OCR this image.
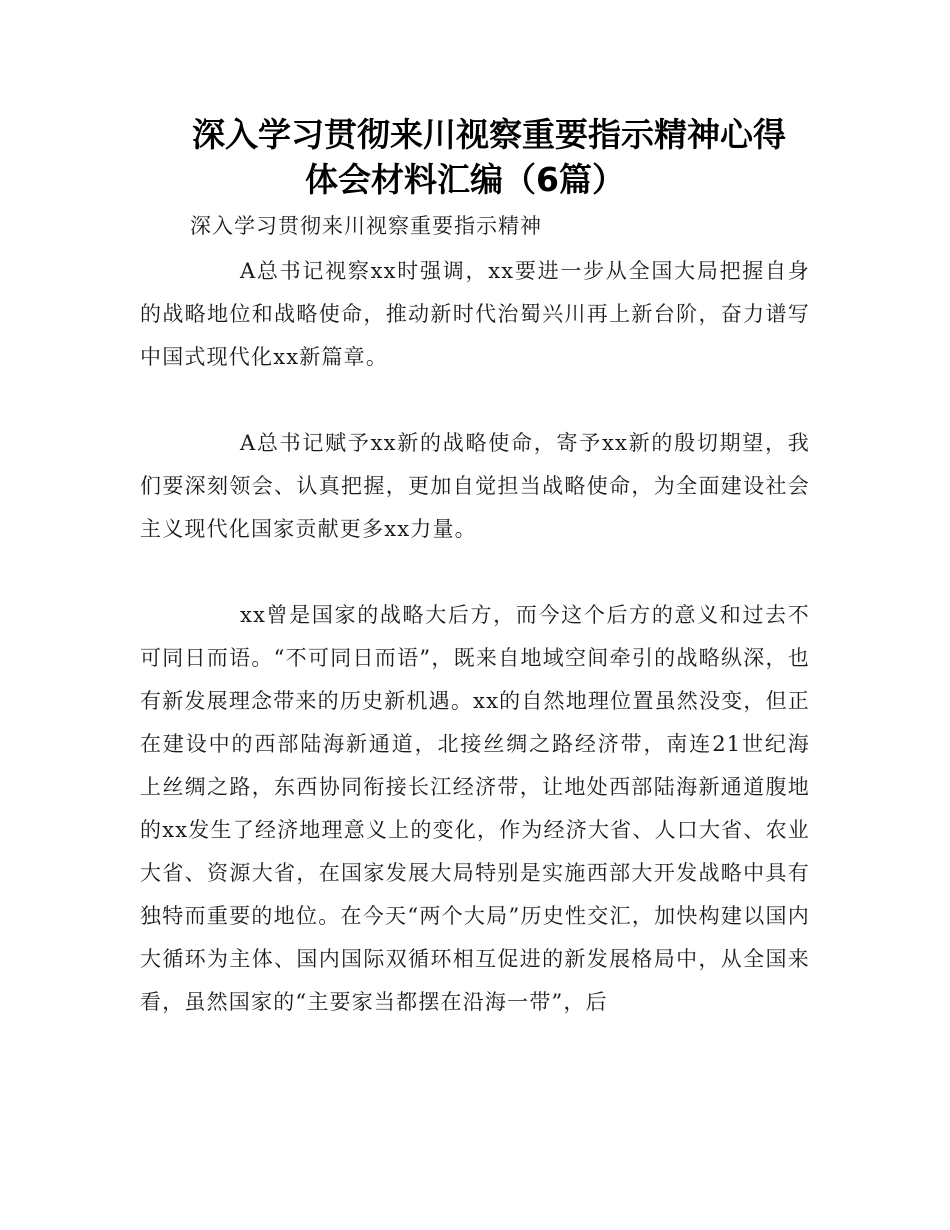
深入学习贯彻来川视察重要指示精神心得
体会材料汇编（6篇）
深入学习贯彻来川视察重要指示精神

A总书记视察xx时强调，xx要进一步从全国大局把握自身的战略地位和战略使命，推动新时代治蜀兴川再上新台阶，奋力谱写中国式现代化xx新篇章。

A总书记赋予xx新的战略使命，寄予xx新的殷切期望，我们要深刻领会、认真把握，更加自觉担当战略使命，为全面建设社会主义现代化国家贡献更多xx力量。

xx曾是国家的战略大后方，而今这个后方的意义和过去不可同日而语。“不可同日而语”，既来自地域空间牵引的战略纵深，也有新发展理念带来的历史新机遇。xx的自然地理位置虽然没变，但正在建设中的西部陆海新通道，北接丝绸之路经济带，南连21世纪海上丝绸之路，东西协同衔接长江经济带，让地处西部陆海新通道腹地的xx发生了经济地理意义上的变化，作为经济大省、人口大省、农业大省、资源大省，在国家发展大局特别是实施西部大开发战略中具有独特而重要的地位。在今天“两个大局”历史性交汇，加快构建以国内大循环为主体、国内国际双循环相互促进的新发展格局中，从全国来看，虽然国家的“主要家当都摆在沿海一带”，后
